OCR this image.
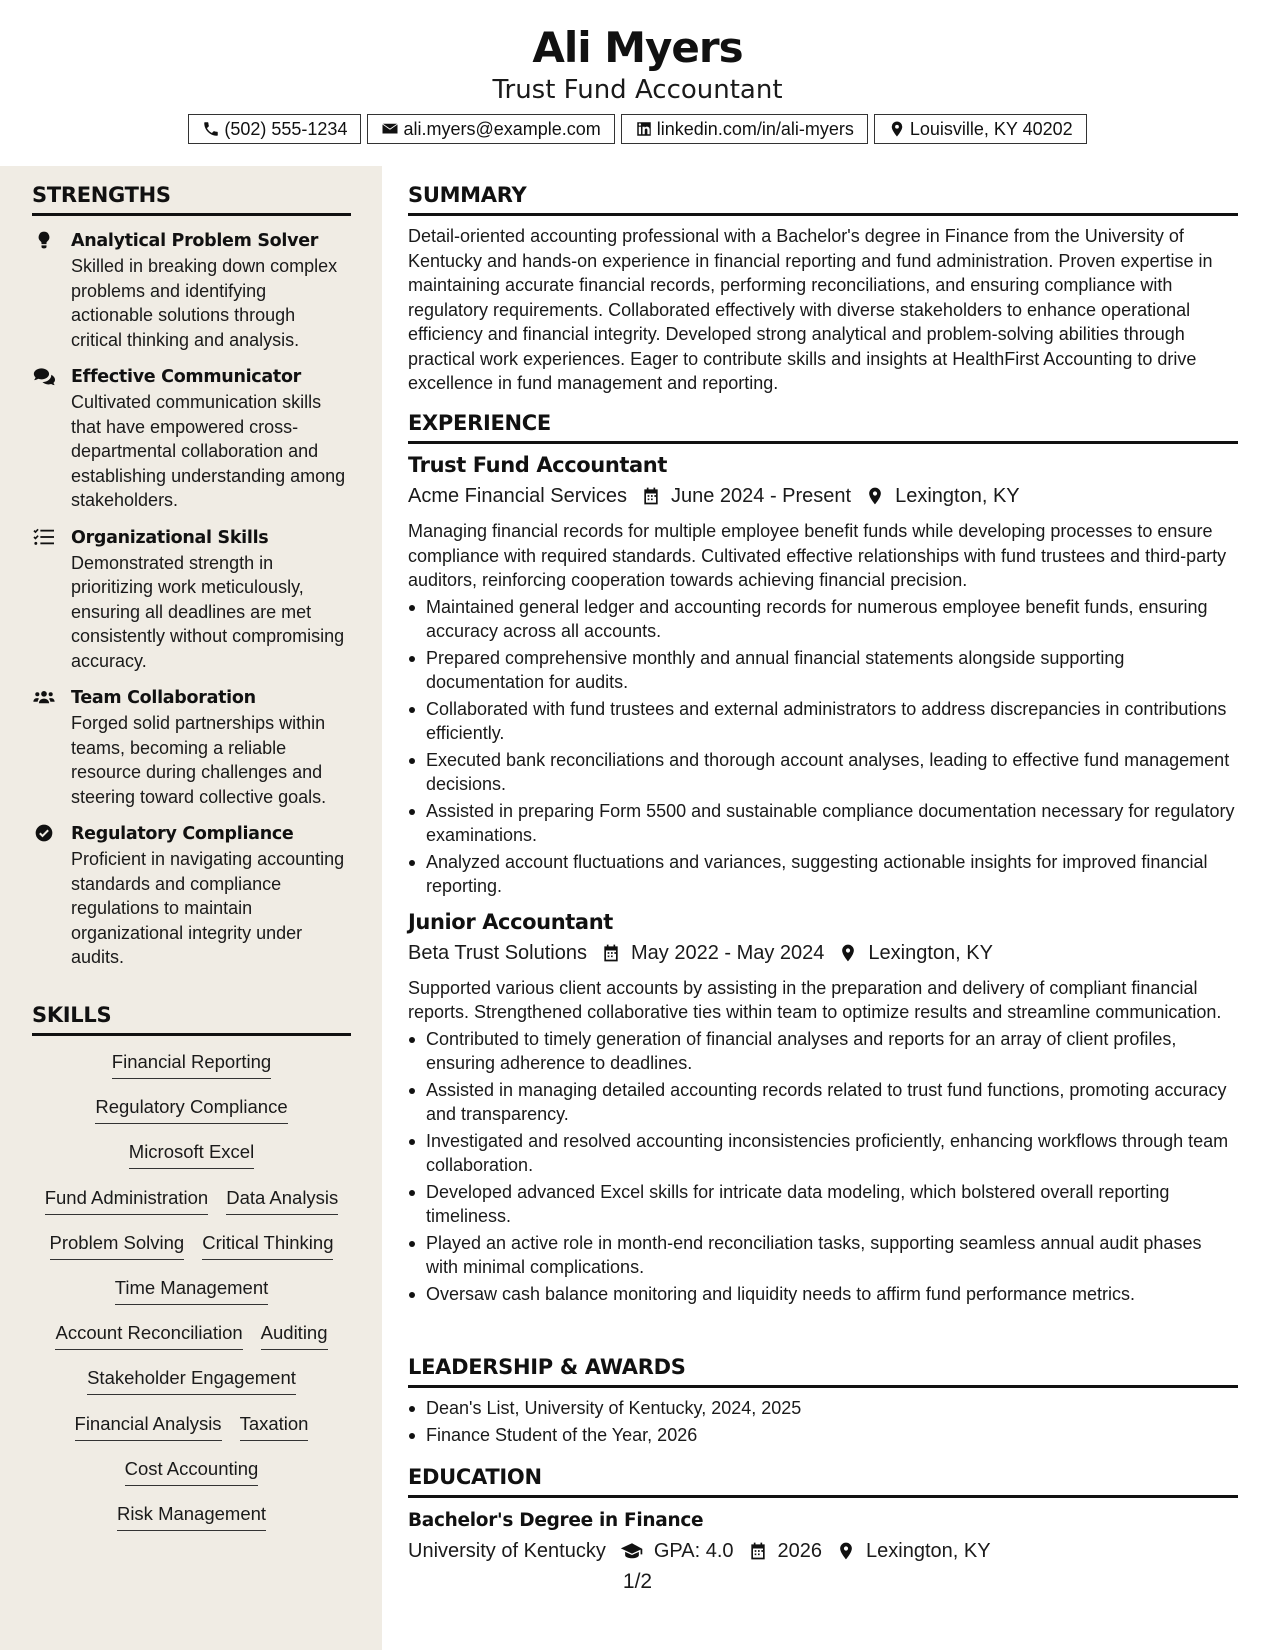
Ali Myers
Trust Fund Accountant
(502) 555-1234	ali.myers@example.com	linkedin.com/in/ali-myers	Louisville, KY 40202
STRENGTHS
Analytical Problem Solver
Skilled in breaking down complex problems and identifying actionable solutions through critical thinking and analysis.
Effective Communicator
Cultivated communication skills that have empowered cross-departmental collaboration and establishing understanding among stakeholders.
Organizational Skills
Demonstrated strength in prioritizing work meticulously, ensuring all deadlines are met consistently without compromising accuracy.
Team Collaboration
Forged solid partnerships within teams, becoming a reliable resource during challenges and steering toward collective goals.
Regulatory Compliance
Proficient in navigating accounting standards and compliance regulations to maintain organizational integrity under audits.
SKILLS
Financial Reporting
Regulatory Compliance
Microsoft Excel
Fund Administration Data Analysis
Problem Solving Critical Thinking
Time Management
Account Reconciliation Auditing
Stakeholder Engagement
Financial Analysis Taxation
Cost Accounting
Risk Management
SUMMARY
Detail-oriented accounting professional with a Bachelor's degree in Finance from the University of Kentucky and hands-on experience in financial reporting and fund administration. Proven expertise in maintaining accurate financial records, performing reconciliations, and ensuring compliance with regulatory requirements. Collaborated effectively with diverse stakeholders to enhance operational efficiency and financial integrity. Developed strong analytical and problem-solving abilities through practical work experiences. Eager to contribute skills and insights at HealthFirst Accounting to drive excellence in fund management and reporting.
EXPERIENCE
Trust Fund Accountant
Acme Financial Services June 2024 - Present Lexington, KY
Managing financial records for multiple employee benefit funds while developing processes to ensure compliance with required standards. Cultivated effective relationships with fund trustees and third-party auditors, reinforcing cooperation towards achieving financial precision.
Maintained general ledger and accounting records for numerous employee benefit funds, ensuring accuracy across all accounts.
Prepared comprehensive monthly and annual financial statements alongside supporting documentation for audits.
Collaborated with fund trustees and external administrators to address discrepancies in contributions efficiently.
Executed bank reconciliations and thorough account analyses, leading to effective fund management decisions.
Assisted in preparing Form 5500 and sustainable compliance documentation necessary for regulatory examinations.
Analyzed account fluctuations and variances, suggesting actionable insights for improved financial reporting.
Junior Accountant
Beta Trust Solutions May 2022 - May 2024 Lexington, KY
Supported various client accounts by assisting in the preparation and delivery of compliant financial reports. Strengthened collaborative ties within team to optimize results and streamline communication.
Contributed to timely generation of financial analyses and reports for an array of client profiles, ensuring adherence to deadlines.
Assisted in managing detailed accounting records related to trust fund functions, promoting accuracy and transparency.
Investigated and resolved accounting inconsistencies proficiently, enhancing workflows through team collaboration.
Developed advanced Excel skills for intricate data modeling, which bolstered overall reporting timeliness.
Played an active role in month-end reconciliation tasks, supporting seamless annual audit phases with minimal complications.
Oversaw cash balance monitoring and liquidity needs to affirm fund performance metrics.
LEADERSHIP & AWARDS
Dean's List, University of Kentucky, 2024, 2025
Finance Student of the Year, 2026
EDUCATION
Bachelor's Degree in Finance
University of Kentucky GPA: 4.0 2026 Lexington, KY
1/2
